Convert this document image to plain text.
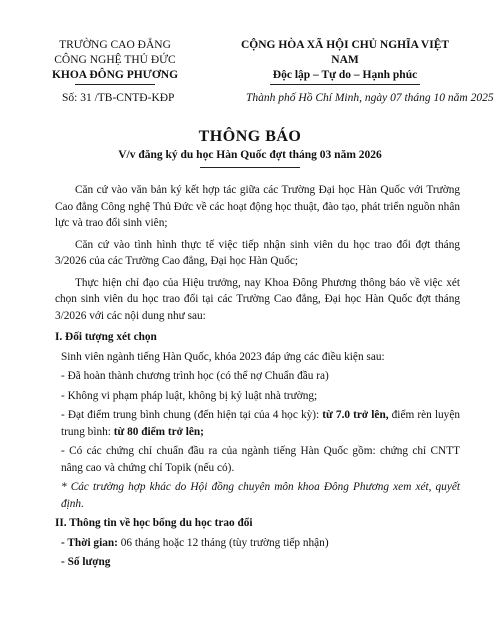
TRƯỜNG CAO ĐẲNG
CÔNG NGHỆ THỦ ĐỨC
KHOA ĐÔNG PHƯƠNG
CỘNG HÒA XÃ HỘI CHỦ NGHĨA VIỆT NAM
Độc lập – Tự do – Hạnh phúc
Số: 31 /TB-CNTĐ-KĐP	Thành phố Hồ Chí Minh, ngày 07 tháng 10 năm 2025
THÔNG BÁO
V/v đăng ký du học Hàn Quốc đợt tháng 03 năm 2026

Căn cứ vào văn bản ký kết hợp tác giữa các Trường Đại học Hàn Quốc với Trường Cao đẳng Công nghệ Thủ Đức về các hoạt động học thuật, đào tạo, phát triển nguồn nhân lực và trao đổi sinh viên;

Căn cứ vào tình hình thực tế việc tiếp nhận sinh viên du học trao đổi đợt tháng 3/2026 của các Trường Cao đẳng, Đại học Hàn Quốc;

Thực hiện chỉ đạo của Hiệu trưởng, nay Khoa Đông Phương thông báo về việc xét chọn sinh viên du học trao đổi tại các Trường Cao đẳng, Đại học Hàn Quốc đợt tháng 3/2026 với các nội dung như sau:

I. Đối tượng xét chọn

Sinh viên ngành tiếng Hàn Quốc, khóa 2023 đáp ứng các điều kiện sau:

- Đã hoàn thành chương trình học (có thể nợ Chuẩn đầu ra)

- Không vi phạm pháp luật, không bị kỷ luật nhà trường;

- Đạt điểm trung bình chung (đến hiện tại của 4 học kỳ): từ 7.0 trở lên, điểm rèn luyện trung bình: từ 80 điểm trở lên;

- Có các chứng chỉ chuẩn đầu ra của ngành tiếng Hàn Quốc gồm: chứng chỉ CNTT nâng cao và chứng chỉ Topik (nếu có).

* Các trường hợp khác do Hội đồng chuyên môn khoa Đông Phương xem xét, quyết định.

II. Thông tin về học bổng du học trao đổi

- Thời gian: 06 tháng hoặc 12 tháng (tùy trường tiếp nhận)

- Số lượng
